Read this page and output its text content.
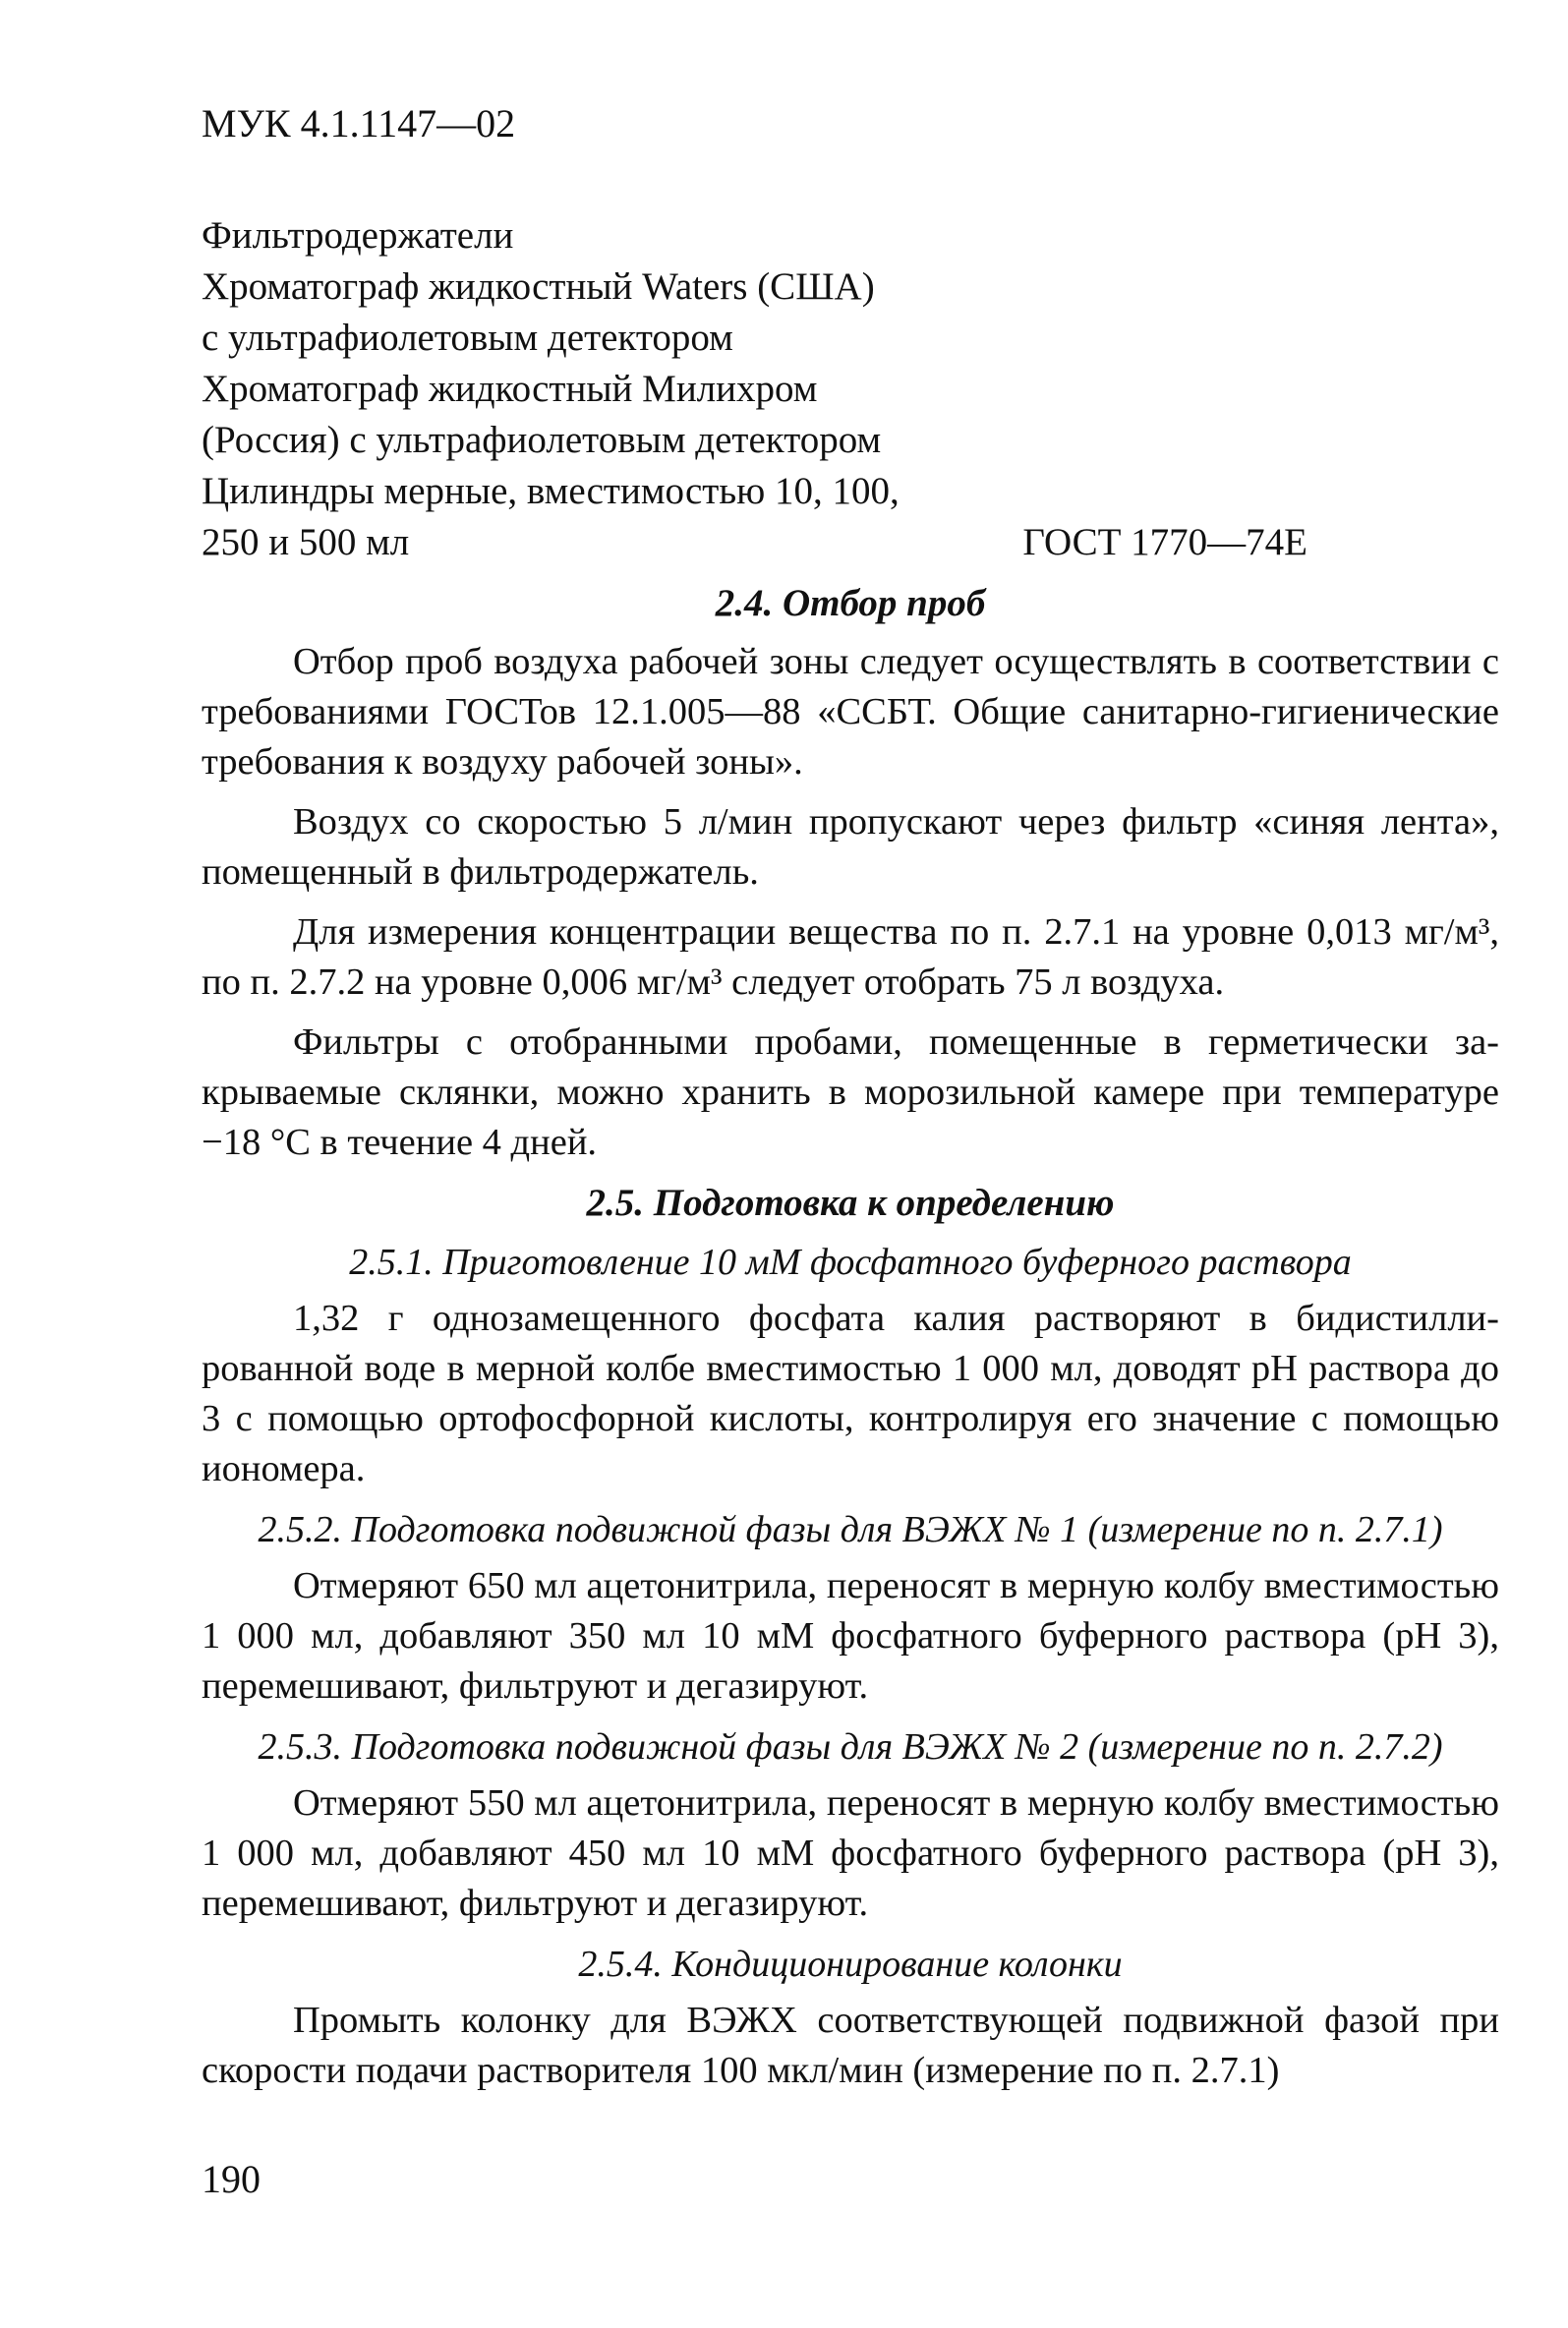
МУК 4.1.1147—02
Фильтродержатели
Хроматограф жидкостный Waters (США)
с ультрафиолетовым детектором
Хроматограф жидкостный Милихром
(Россия) с ультрафиолетовым детектором
Цилиндры мерные, вместимостью 10, 100,
250 и 500 мл	ГОСТ 1770—74Е
2.4. Отбор проб

Отбор проб воздуха рабочей зоны следует осуществлять в соответствии с требованиями ГОСТов 12.1.005—88 «ССБТ. Общие санитарно-гигиенические требования к воздуху рабочей зоны».

Воздух со скоростью 5 л/мин пропускают через фильтр «синяя лента», помещенный в фильтродержатель.

Для измерения концентрации вещества по п. 2.7.1 на уровне 0,013 мг/м³, по п. 2.7.2 на уровне 0,006 мг/м³ следует отобрать 75 л воздуха.

Фильтры с отобранными пробами, помещенные в герметически закрываемые склянки, можно хранить в морозильной камере при температуре −18 °С в течение 4 дней.

2.5. Подготовка к определению
2.5.1. Приготовление 10 мМ фосфатного буферного раствора

1,32 г однозамещенного фосфата калия растворяют в бидистиллированной воде в мерной колбе вместимостью 1 000 мл, доводят рН раствора до 3 с помощью ортофосфорной кислоты, контролируя его значение с помощью иономера.

2.5.2. Подготовка подвижной фазы для ВЭЖХ № 1 (измерение по п. 2.7.1)

Отмеряют 650 мл ацетонитрила, переносят в мерную колбу вместимостью 1 000 мл, добавляют 350 мл 10 мМ фосфатного буферного раствора (рН 3), перемешивают, фильтруют и дегазируют.

2.5.3. Подготовка подвижной фазы для ВЭЖХ № 2 (измерение по п. 2.7.2)

Отмеряют 550 мл ацетонитрила, переносят в мерную колбу вместимостью 1 000 мл, добавляют 450 мл 10 мМ фосфатного буферного раствора (рН 3), перемешивают, фильтруют и дегазируют.

2.5.4. Кондиционирование колонки

Промыть колонку для ВЭЖХ соответствующей подвижной фазой при скорости подачи растворителя 100 мкл/мин (измерение по п. 2.7.1)

190
